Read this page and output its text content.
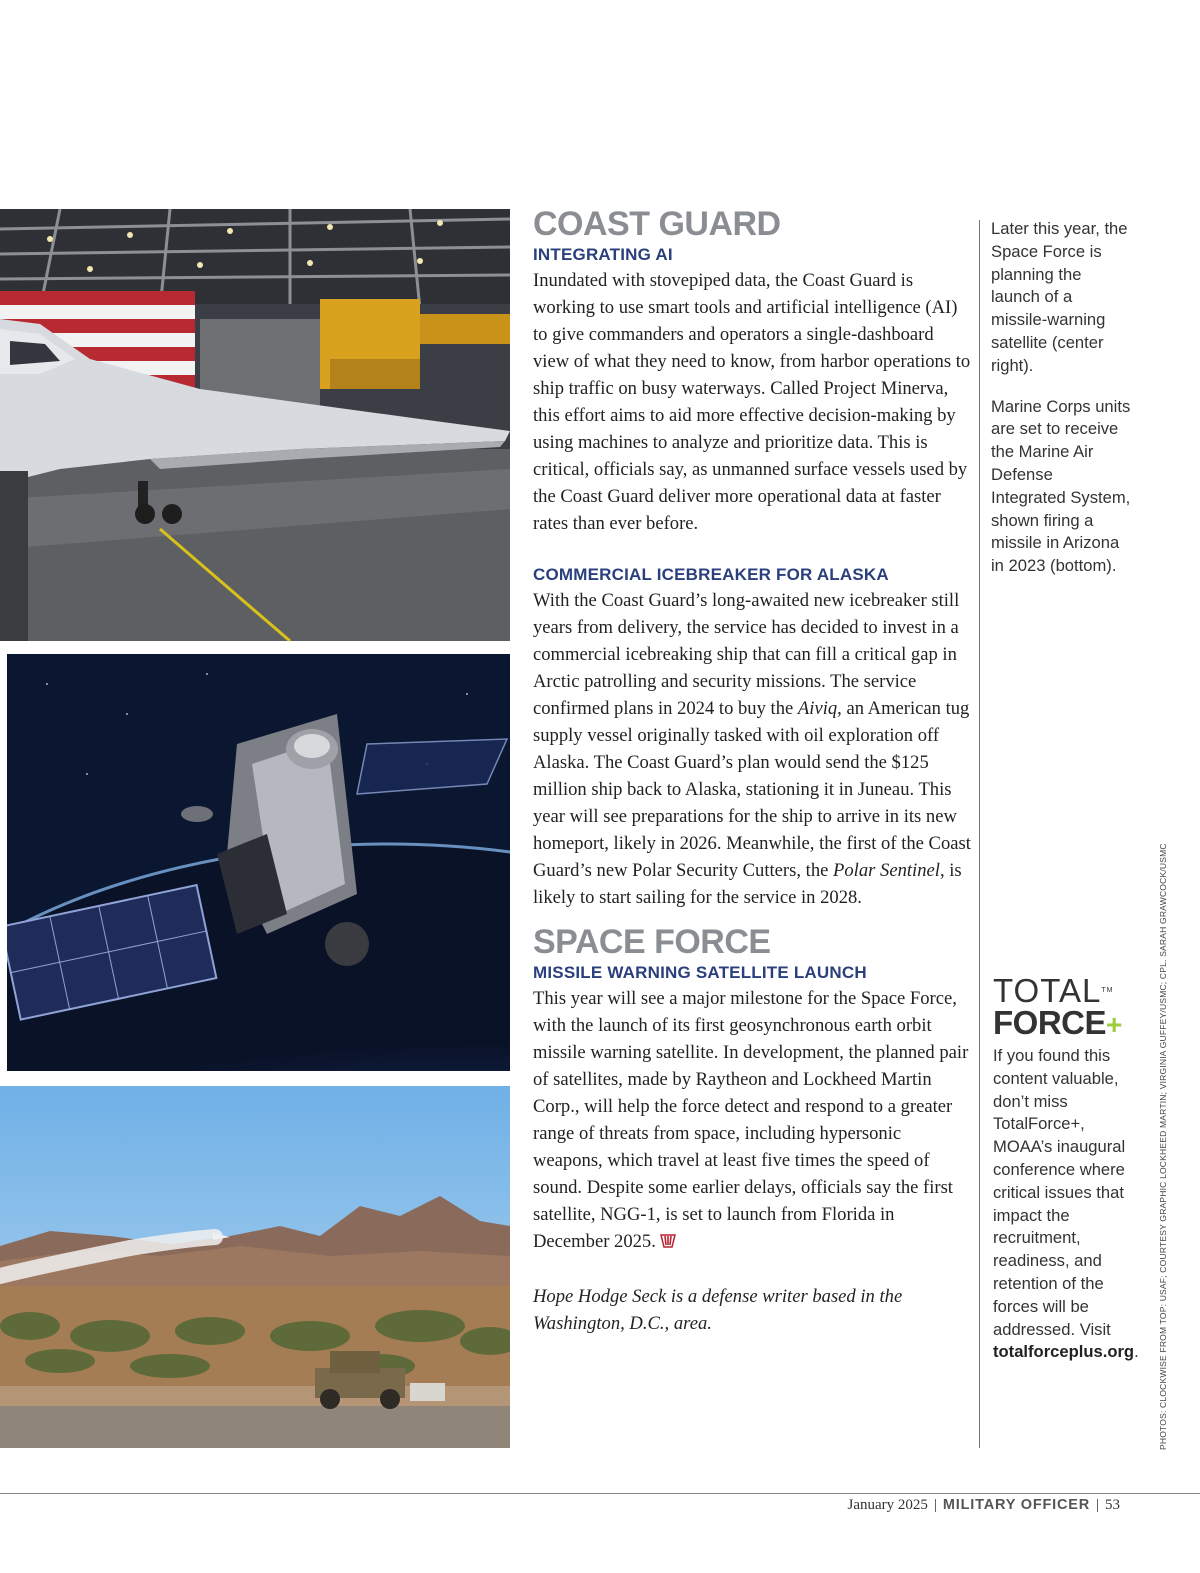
COAST GUARD
INTEGRATING AI

Inundated with stovepiped data, the Coast Guard is working to use smart tools and artificial intelligence (AI) to give commanders and operators a single-dashboard view of what they need to know, from harbor operations to ship traffic on busy waterways. Called Project Minerva, this effort aims to aid more effective decision-making by using machines to analyze and prioritize data. This is critical, officials say, as unmanned surface vessels used by the Coast Guard deliver more operational data at faster rates than ever before.

COMMERCIAL ICEBREAKER FOR ALASKA

With the Coast Guard’s long-awaited new icebreaker still years from delivery, the service has decided to invest in a commercial icebreaking ship that can fill a critical gap in Arctic patrolling and security missions. The service confirmed plans in 2024 to buy the Aiviq, an American tug supply vessel originally tasked with oil exploration off Alaska. The Coast Guard’s plan would send the $125 million ship back to Alaska, stationing it in Juneau. This year will see preparations for the ship to arrive in its new homeport, likely in 2026. Meanwhile, the first of the Coast Guard’s new Polar Security Cutters, the Polar Sentinel, is likely to start sailing for the service in 2028.

SPACE FORCE
MISSILE WARNING SATELLITE LAUNCH

This year will see a major milestone for the Space Force, with the launch of its first geosynchronous earth orbit missile warning satellite. In development, the planned pair of satellites, made by Raytheon and Lockheed Martin Corp., will help the force detect and respond to a greater range of threats from space, including hypersonic weapons, which travel at least five times the speed of sound. Despite some earlier delays, officials say the first satellite, NGG-1, is set to launch from Florida in December 2025.

Hope Hodge Seck is a defense writer based in the Washington, D.C., area.

Later this year, the Space Force is planning the launch of a missile-warning satellite (center right).

Marine Corps units are set to receive the Marine Air Defense Integrated System, shown firing a missile in Arizona in 2023 (bottom).

TOTAL™
FORCE+

If you found this content valuable, don’t miss TotalForce+, MOAA’s inaugural conference where critical issues that impact the recruitment, readiness, and retention of the forces will be addressed. Visit totalforceplus.org. PHOTOS: CLOCKWISE FROM TOP: USAF; COURTESY GRAPHIC LOCKHEED MARTIN; VIRGINIA GUFFEY/USMC; CPL. SARAH GRAWCOCK/USMC
January 2025 | MILITARY OFFICER | 53
